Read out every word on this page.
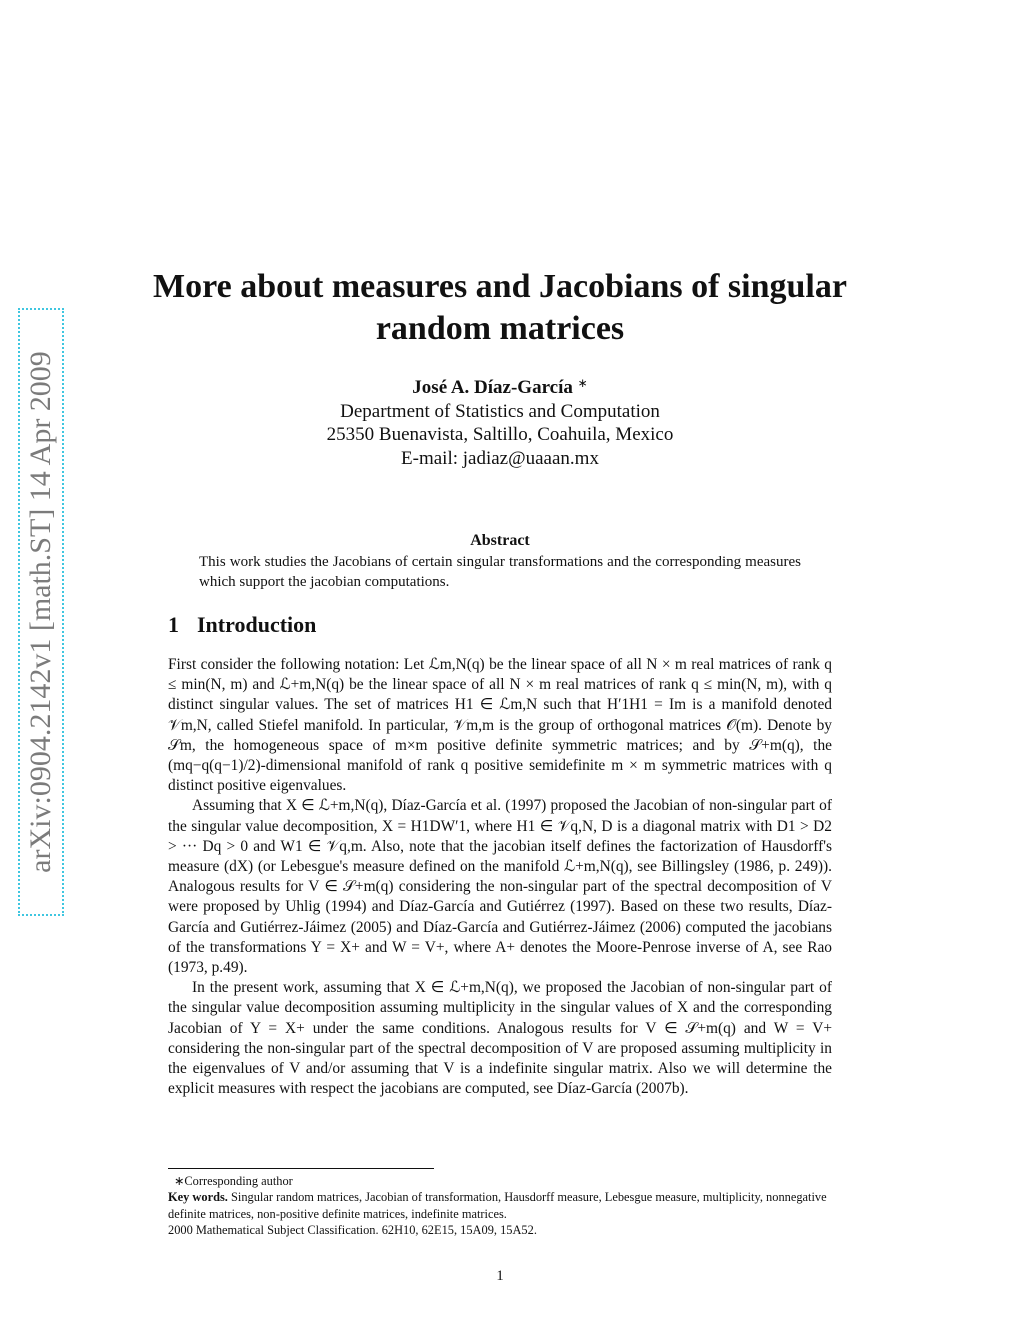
arXiv:0904.2142v1 [math.ST] 14 Apr 2009
More about measures and Jacobians of singular random matrices
José A. Díaz-García ∗
Department of Statistics and Computation
25350 Buenavista, Saltillo, Coahuila, Mexico
E-mail: jadiaz@uaaan.mx
Abstract
This work studies the Jacobians of certain singular transformations and the corresponding measures which support the jacobian computations.
1 Introduction

First consider the following notation: Let ℒm,N(q) be the linear space of all N × m real matrices of rank q ≤ min(N, m) and ℒ+m,N(q) be the linear space of all N × m real matrices of rank q ≤ min(N, m), with q distinct singular values. The set of matrices H1 ∈ ℒm,N such that H′1H1 = Im is a manifold denoted 𝒱m,N, called Stiefel manifold. In particular, 𝒱m,m is the group of orthogonal matrices 𝒪(m). Denote by 𝒮m, the homogeneous space of m×m positive definite symmetric matrices; and by 𝒮+m(q), the (mq−q(q−1)/2)-dimensional manifold of rank q positive semidefinite m × m symmetric matrices with q distinct positive eigenvalues.

Assuming that X ∈ ℒ+m,N(q), Díaz-García et al. (1997) proposed the Jacobian of non-singular part of the singular value decomposition, X = H1DW′1, where H1 ∈ 𝒱q,N, D is a diagonal matrix with D1 > D2 > ··· Dq > 0 and W1 ∈ 𝒱q,m. Also, note that the jacobian itself defines the factorization of Hausdorff's measure (dX) (or Lebesgue's measure defined on the manifold ℒ+m,N(q), see Billingsley (1986, p. 249)). Analogous results for V ∈ 𝒮+m(q) considering the non-singular part of the spectral decomposition of V were proposed by Uhlig (1994) and Díaz-García and Gutiérrez (1997). Based on these two results, Díaz-García and Gutiérrez-Jáimez (2005) and Díaz-García and Gutiérrez-Jáimez (2006) computed the jacobians of the transformations Y = X+ and W = V+, where A+ denotes the Moore-Penrose inverse of A, see Rao (1973, p.49).

In the present work, assuming that X ∈ ℒ+m,N(q), we proposed the Jacobian of non-singular part of the singular value decomposition assuming multiplicity in the singular values of X and the corresponding Jacobian of Y = X+ under the same conditions. Analogous results for V ∈ 𝒮+m(q) and W = V+ considering the non-singular part of the spectral decomposition of V are proposed assuming multiplicity in the eigenvalues of V and/or assuming that V is a indefinite singular matrix. Also we will determine the explicit measures with respect the jacobians are computed, see Díaz-García (2007b).

∗Corresponding author

Key words. Singular random matrices, Jacobian of transformation, Hausdorff measure, Lebesgue measure, multiplicity, nonnegative definite matrices, non-positive definite matrices, indefinite matrices.

2000 Mathematical Subject Classification. 62H10, 62E15, 15A09, 15A52.

1
